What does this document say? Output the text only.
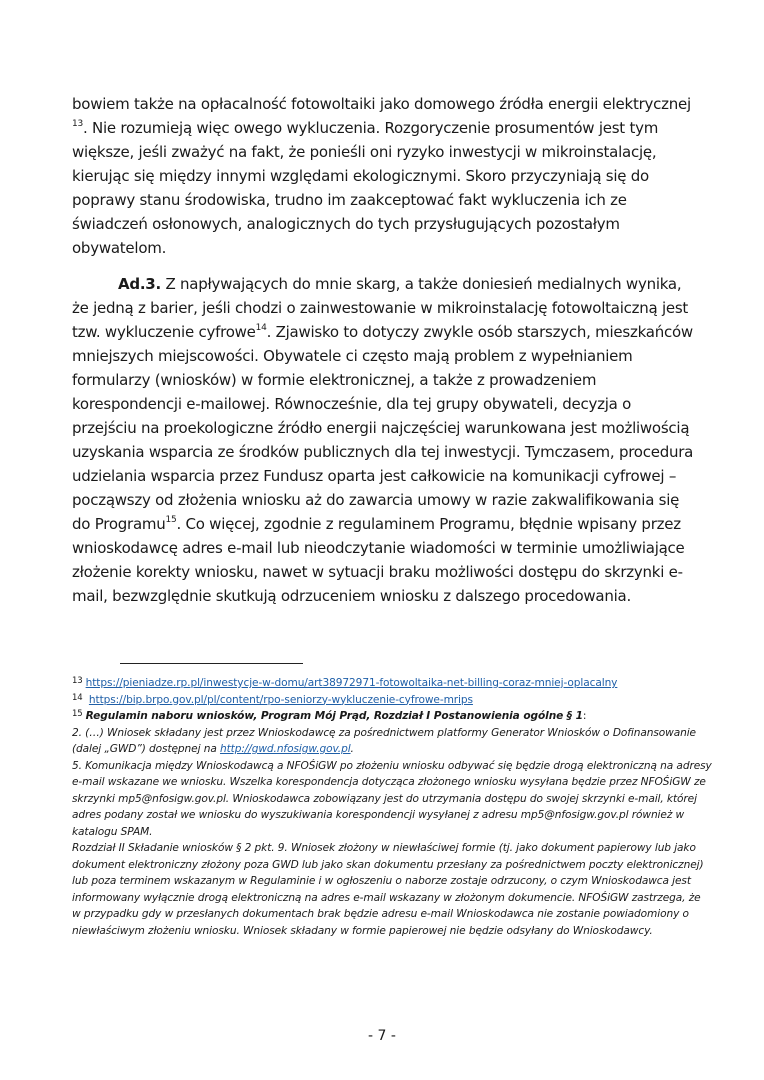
bowiem także na opłacalność fotowoltaiki jako domowego źródła energii elektrycznej $^{13}$. Nie rozumieją więc owego wykluczenia. Rozgoryczenie prosumentów jest tym większe, jeśli zważyć na fakt, że ponieśli oni ryzyko inwestycji w mikroinstalację, kierując się między innymi względami ekologicznymi. Skoro przyczyniają się do poprawy stanu środowiska, trudno im zaakceptować fakt wykluczenia ich ze świadczeń osłonowych, analogicznych do tych przysługujących pozostałym obywatelom.

Ad.3. Z napływających do mnie skarg, a także doniesień medialnych wynika, że jedną z barier, jeśli chodzi o zainwestowanie w mikroinstalację fotowoltaiczną jest tzw. wykluczenie cyfrowe$^{14}$. Zjawisko to dotyczy zwykle osób starszych, mieszkańców mniejszych miejscowości. Obywatele ci często mają problem z wypełnianiem formularzy (wniosków) w formie elektronicznej, a także z prowadzeniem korespondencji e-mailowej. Równocześnie, dla tej grupy obywateli, decyzja o przejściu na proekologiczne źródło energii najczęściej warunkowana jest możliwością uzyskania wsparcia ze środków publicznych dla tej inwestycji. Tymczasem, procedura udzielania wsparcia przez Fundusz oparta jest całkowicie na komunikacji cyfrowej – począwszy od złożenia wniosku aż do zawarcia umowy w razie zakwalifikowania się do Programu$^{15}$. Co więcej, zgodnie z regulaminem Programu, błędnie wpisany przez wnioskodawcę adres e-mail lub nieodczytanie wiadomości w terminie umożliwiające złożenie korekty wniosku, nawet w sytuacji braku możliwości dostępu do skrzynki e-mail, bezwzględnie skutkują odrzuceniem wniosku z dalszego procedowania.

$^{13}$ https://pieniadze.rp.pl/inwestycje-w-domu/art38972971-fotowoltaika-net-billing-coraz-mniej-oplacalny

$^{14}$ https://bip.brpo.gov.pl/pl/content/rpo-seniorzy-wykluczenie-cyfrowe-mrips

$^{15}$ Regulamin naboru wniosków, Program Mój Prąd, Rozdział I Postanowienia ogólne § 1:

2. (…) Wniosek składany jest przez Wnioskodawcę za pośrednictwem platformy Generator Wniosków o Dofinansowanie (dalej „GWD”) dostępnej na http://gwd.nfosigw.gov.pl.

5. Komunikacja między Wnioskodawcą a NFOŚiGW po złożeniu wniosku odbywać się będzie drogą elektroniczną na adresy e-mail wskazane we wniosku. Wszelka korespondencja dotycząca złożonego wniosku wysyłana będzie przez NFOŚiGW ze skrzynki mp5@nfosigw.gov.pl. Wnioskodawca zobowiązany jest do utrzymania dostępu do swojej skrzynki e-mail, której adres podany został we wniosku do wyszukiwania korespondencji wysyłanej z adresu mp5@nfosigw.gov.pl również w katalogu SPAM.

Rozdział II Składanie wniosków § 2 pkt. 9. Wniosek złożony w niewłaściwej formie (tj. jako dokument papierowy lub jako dokument elektroniczny złożony poza GWD lub jako skan dokumentu przesłany za pośrednictwem poczty elektronicznej) lub poza terminem wskazanym w Regulaminie i w ogłoszeniu o naborze zostaje odrzucony, o czym Wnioskodawca jest informowany wyłącznie drogą elektroniczną na adres e-mail wskazany w złożonym dokumencie. NFOŚiGW zastrzega, że w przypadku gdy w przesłanych dokumentach brak będzie adresu e-mail Wnioskodawca nie zostanie powiadomiony o niewłaściwym złożeniu wniosku. Wniosek składany w formie papierowej nie będzie odsyłany do Wnioskodawcy.

- 7 -
